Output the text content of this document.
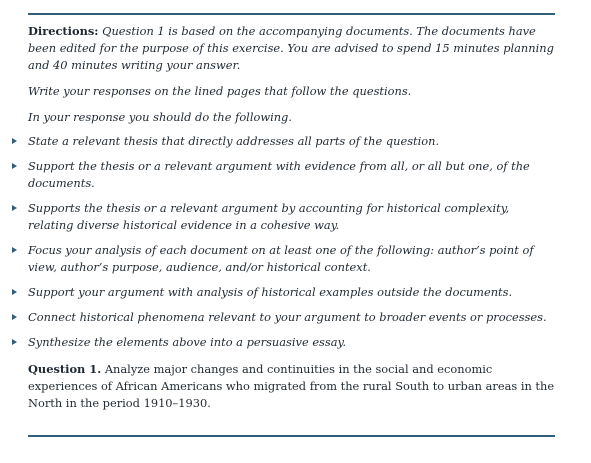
Directions: Question 1 is based on the accompanying documents. The documents have been edited for the purpose of this exercise. You are advised to spend 15 minutes planning and 40 minutes writing your answer.

Write your responses on the lined pages that follow the questions.

In your response you should do the following.

State a relevant thesis that directly addresses all parts of the question.
Support the thesis or a relevant argument with evidence from all, or all but one, of the documents.
Supports the thesis or a relevant argument by accounting for historical complexity, relating diverse historical evidence in a cohesive way.
Focus your analysis of each document on at least one of the following: author’s point of view, author’s purpose, audience, and/or historical context.
Support your argument with analysis of historical examples outside the documents.
Connect historical phenomena relevant to your argument to broader events or processes.
Synthesize the elements above into a persuasive essay.

Question 1. Analyze major changes and continuities in the social and economic experiences of African Americans who migrated from the rural South to urban areas in the North in the period 1910–1930.
